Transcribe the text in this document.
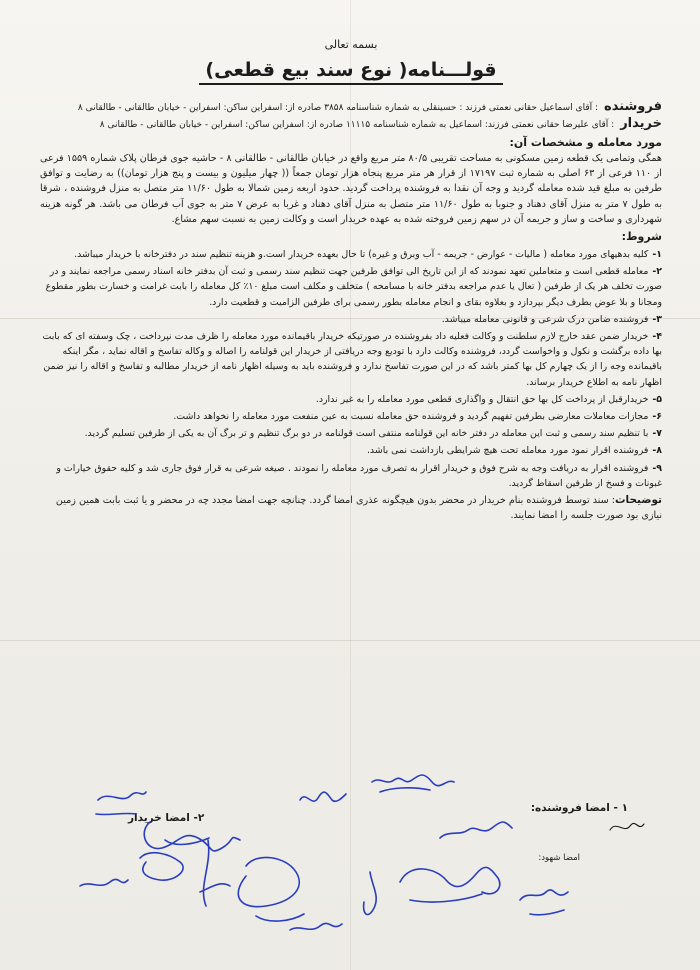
بسمه تعالی
قولـــنامه( نوع سند بیع قطعی)
فروشنده: آقای اسماعیل حقانی نعمتی فرزند : حسینقلی به شماره شناسنامه ۳۸۵۸ صادره از: اسفراین ساکن: اسفراین - خیابان طالقانی - طالقانی ۸
خریدار: آقای علیرضا حقانی نعمتی فرزند: اسماعیل به شماره شناسنامه ۱۱۱۱۵ صادره از: اسفراین ساکن: اسفراین - خیابان طالقانی - طالقانی ۸
مورد معامله و مشخصات آن:
همگی وتمامی یک قطعه زمین مسکونی به مساحت تقریبی ۸۰/۵ متر مربع واقع در خیابان طالقانی - طالقانی ۸ - حاشیه جوی فرطان پلاک شماره ۱۵۵۹ فرعی از ۱۱۰ فرعی از ۶۳ اصلی به شماره ثبت ۱۷۱۹۷ از قرار هر متر مربع پنجاه هزار تومان جمعاً (( چهار میلیون و بیست و پنج هزار تومان)) به رضایت و توافق طرفین به مبلغ قید شده معامله گردید و وجه آن نقدا به فروشنده پرداخت گردید. حدود اربعه زمین شمالا به طول ۱۱/۶۰ متر متصل به منزل فروشنده ، شرقا به طول ۷ متر به منزل آقای دهناد و جنوبا به طول ۱۱/۶۰ متر متصل به منزل آقای دهناد و غربا به عرض ۷ متر به جوی آب فرطان می باشد. هر گونه هزینه شهرداری و ساخت و ساز و جریمه آن در سهم زمین فروخته شده به عهده خریدار است و وکالت زمین به نسبت سهم مشاع.
شروط:
۱-کلیه بدهیهای مورد معامله ( مالیات - عوارض - جریمه - آب وبرق و غیره) تا حال بعهده خریدار است.و هزینه تنظیم سند در دفترخانه با خریدار میباشد.
۲-معامله قطعی است و متعاملین تعهد نمودند که از این تاریخ الی توافق طرفین جهت تنظیم سند رسمی و ثبت آن بدفتر خانه اسناد رسمی مراجعه نمایند و در صورت تخلف هر یک از طرفین ( تعال یا عدم مراجعه بدفتر خانه با مسامحه ) متخلف و مکلف است مبلغ ۱۰٪ کل معامله را بابت غرامت و خسارت بطور مقطوع ومجانا و بلا عوض بطرف دیگر بپردازد و بعلاوه بقای و انجام معامله بطور رسمی برای طرفین الزامیت و قطعیت دارد.
۳-فروشنده ضامن درک شرعی و قانونی معامله میباشد.
۴-خریدار ضمن عقد خارج لازم سلطنت و وکالت فعلیه داد بفروشنده در صورتیکه خریدار باقیمانده مورد معامله را ظرف مدت نپرداخت ، چک وسفته ای که بابت بها داده برگشت و نکول و واخواست گردد، فروشنده وکالت دارد با تودیع وجه دریافتی از خریدار این قولنامه را اصاله و وکاله تفاسخ و اقاله نماید ، مگر اینکه باقیمانده وجه را از یک چهارم کل بها کمتر باشد که در این صورت تفاسخ ندارد و فروشنده باید به وسیله اظهار نامه از خریدار مطالبه و تفاسخ و اقاله را نیز ضمن اظهار نامه به اطلاع خریدار برساند.
۵-خریدارقبل از پرداخت کل بها حق انتقال و واگذاری قطعی مورد معامله را به غیر ندارد.
۶-مجازات معاملات معارضی بطرفین تفهیم گردید و فروشنده حق معامله نسبت به عین منفعت مورد معامله را نخواهد داشت.
۷-با تنظیم سند رسمی و ثبت این معامله در دفتر خانه این قولنامه منتفی است قولنامه در دو برگ تنظیم و تر برگ آن به یکی از طرفین تسلیم گردید.
۸-فروشنده اقرار نمود مورد معامله تحت هیچ شرایطی بازداشت نمی باشد.
۹-فروشنده اقرار به دریافت وجه به شرح فوق و خریدار اقرار به تصرف مورد معامله را نمودند . صیغه شرعی به قرار فوق جاری شد و کلیه حقوق خیارات و غبونات و فسخ از طرفین اسقاط گردید.
توضیحات: سند توسط فروشنده بنام خریدار در محضر بدون هیچگونه عذری امضا گردد. چنانچه جهت امضا مجدد چه در محضر و یا ثبت بابت همین زمین نیازی بود صورت جلسه را امضا نمایند.
۱ - امضا فروشنده:
۲- امضا خریدار
امضا شهود:
